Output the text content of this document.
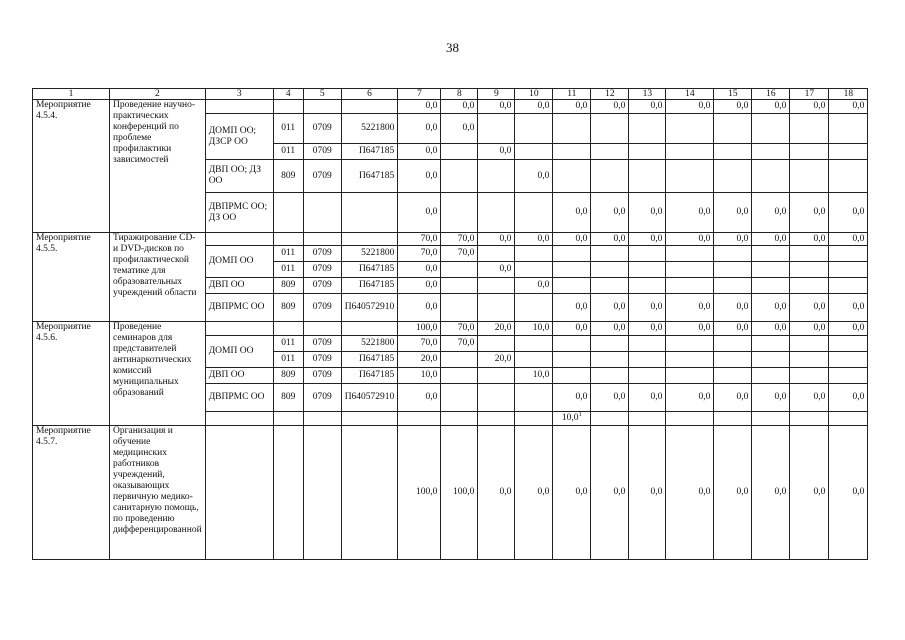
38
1	2	3	4	5	6	7	8	9	10	11	12	13	14	15	16	17	18
Мероприятие 4.5.4.	Проведение научно-практических конференций по проблеме профилактики зависимостей					0,0	0,0	0,0	0,0	0,0	0,0	0,0	0,0	0,0	0,0	0,0	0,0
		ДОМП ОО; ДЗСР ОО	011	0709	5221800	0,0	0,0										
			011	0709	П647185	0,0		0,0									
		ДВП ОО; ДЗ ОО	809	0709	П647185	0,0			0,0								
		ДВПРМС ОО; ДЗ ОО				0,0				0,0	0,0	0,0	0,0	0,0	0,0	0,0	0,0
Мероприятие 4.5.5.	Тиражирование CD- и DVD-дисков по профилактической тематике для образовательных учреждений области					70,0	70,0	0,0	0,0	0,0	0,0	0,0	0,0	0,0	0,0	0,0	0,0
		ДОМП ОО	011	0709	5221800	70,0	70,0										
			011	0709	П647185	0,0		0,0									
		ДВП ОО	809	0709	П647185	0,0			0,0								
		ДВПРМС ОО	809	0709	П640572910	0,0				0,0	0,0	0,0	0,0	0,0	0,0	0,0	0,0
Мероприятие 4.5.6.	Проведение семинаров для представителей антинаркотических комиссий муниципальных образований					100,0	70,0	20,0	10,0	0,0	0,0	0,0	0,0	0,0	0,0	0,0	0,0
		ДОМП ОО	011	0709	5221800	70,0	70,0										
			011	0709	П647185	20,0		20,0									
		ДВП ОО	809	0709	П647185	10,0			10,0								
		ДВПРМС ОО	809	0709	П640572910	0,0				0,0	0,0	0,0	0,0	0,0	0,0	0,0	0,0
										10,0$^1$							
Мероприятие 4.5.7.	Организация и обучение медицинских работников учреждений, оказывающих первичную медико-санитарную помощь, по проведению дифференцированной					100,0	100,0	0,0	0,0	0,0	0,0	0,0	0,0	0,0	0,0	0,0	0,0
